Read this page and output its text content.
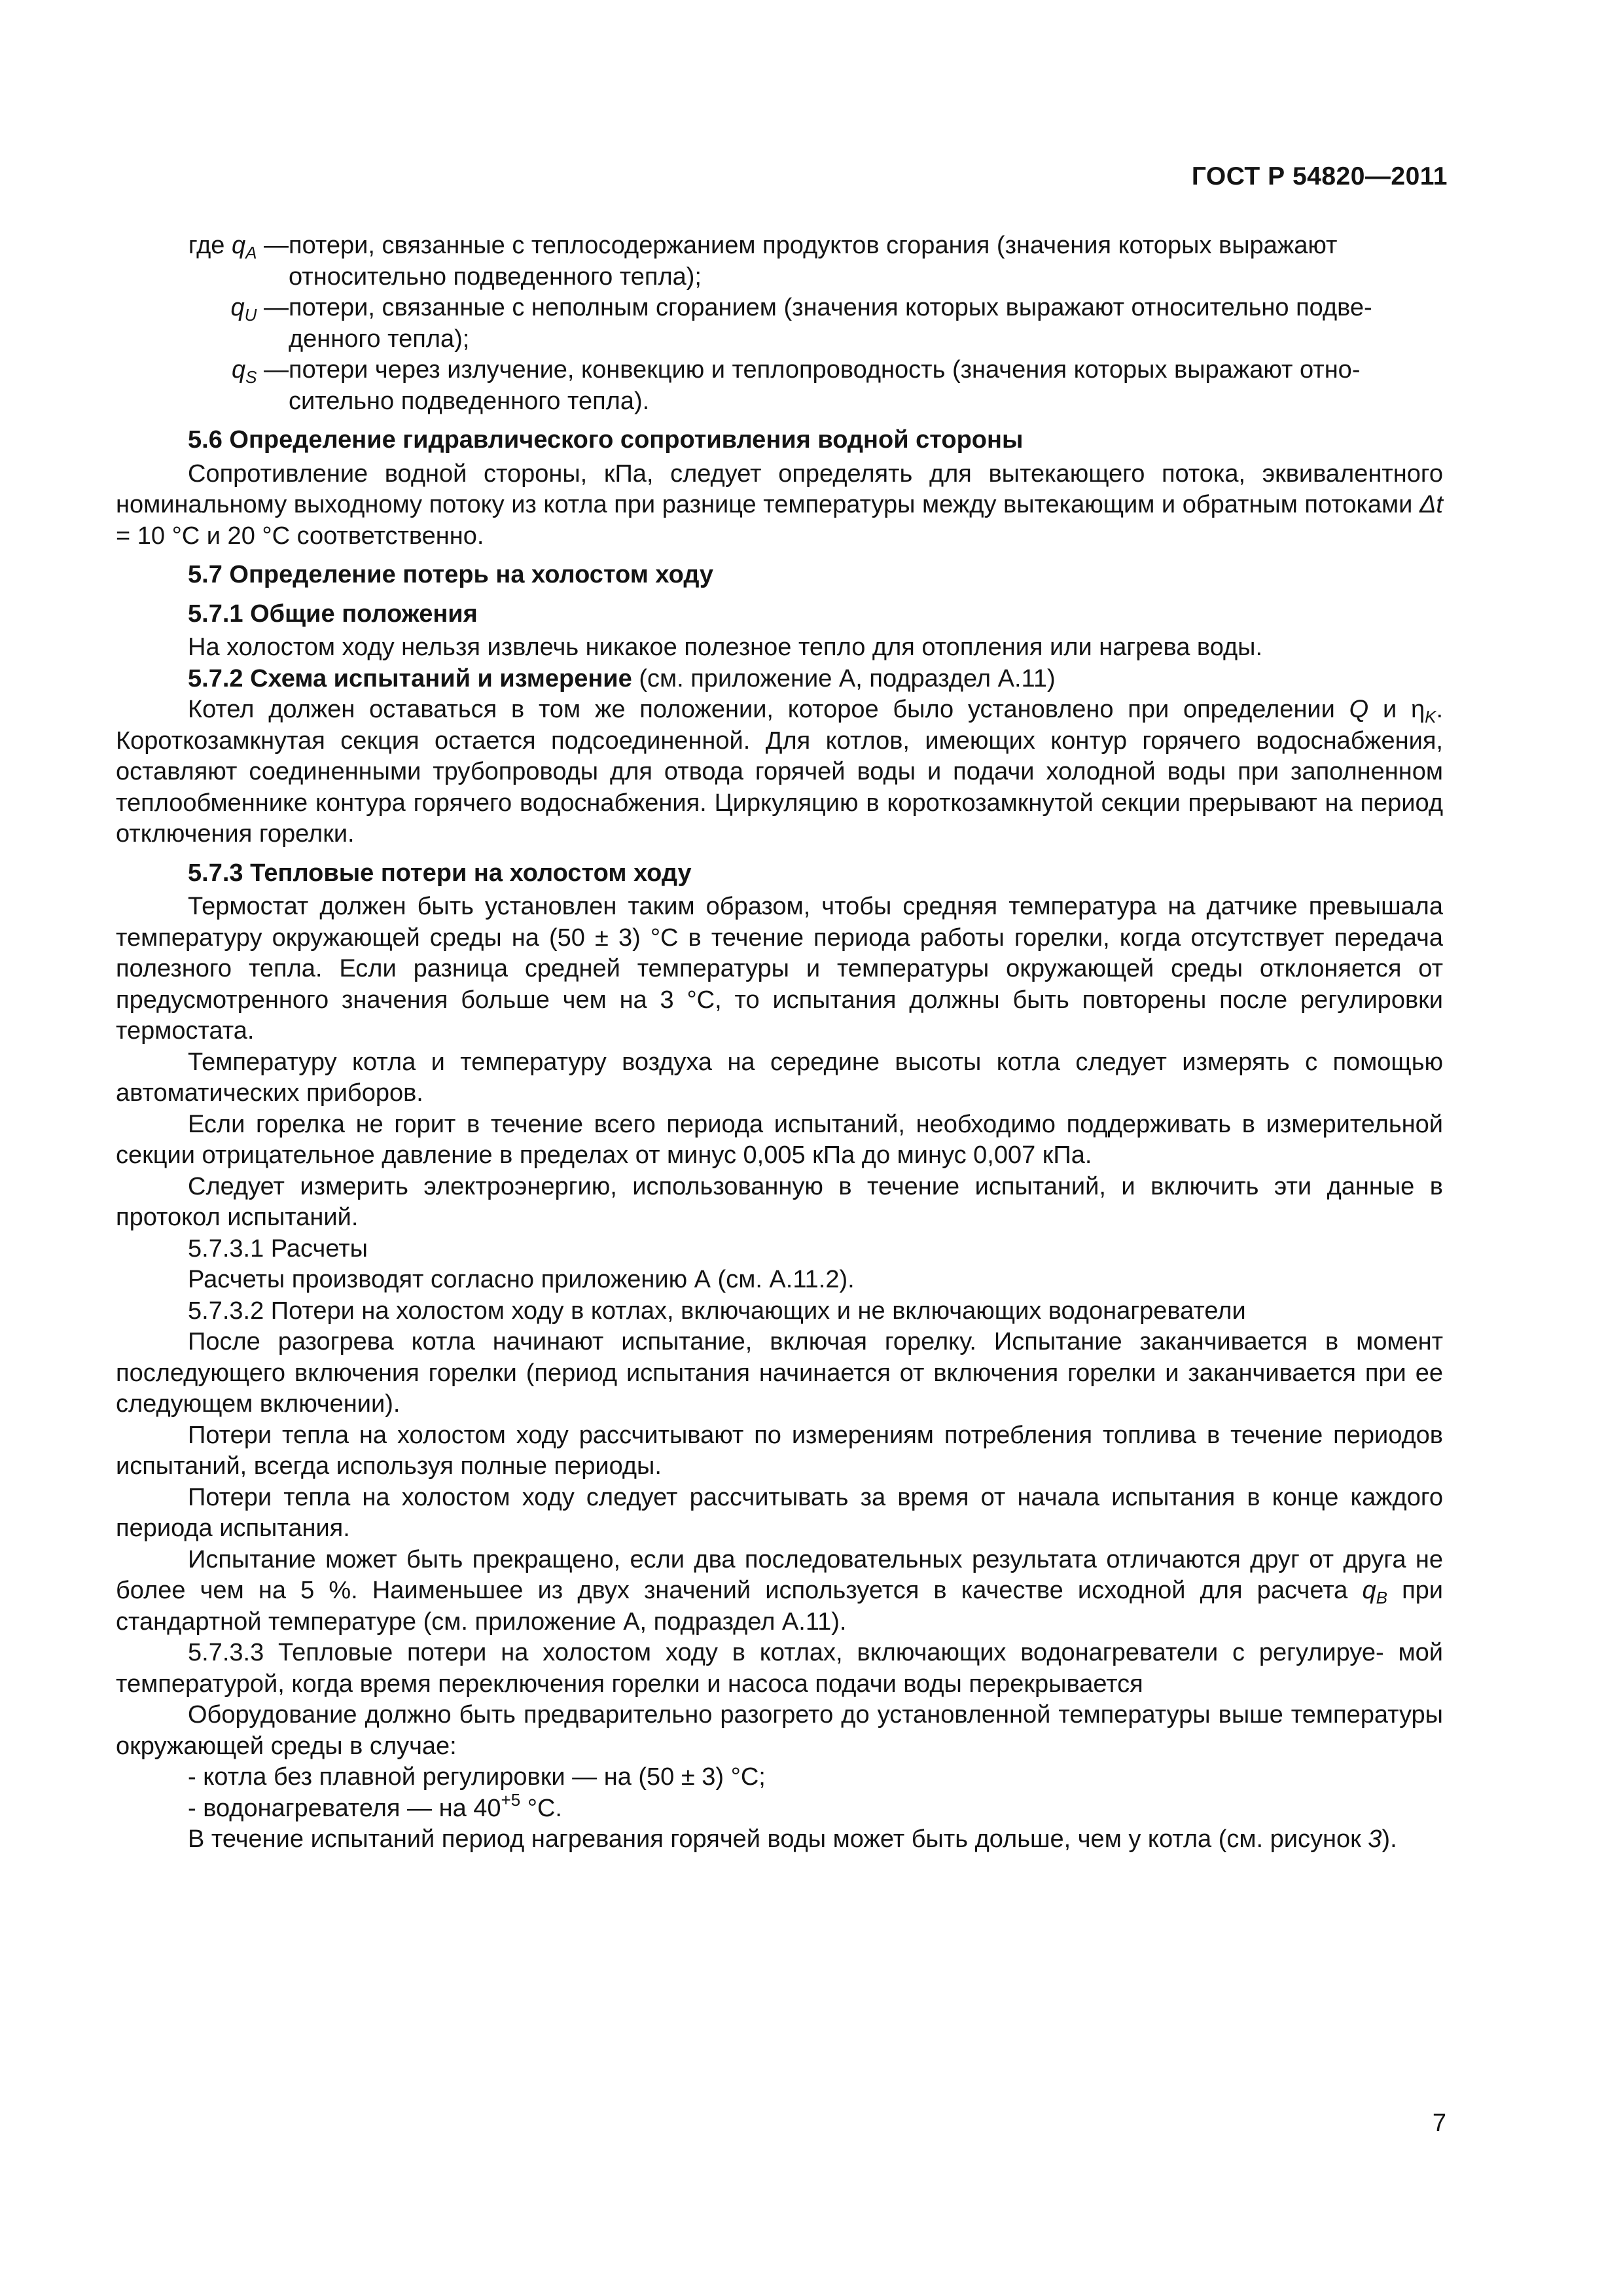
ГОСТ Р 54820—2011
где $q_A$ — потери, связанные с теплосодержанием продуктов сгорания (значения которых выражают
относительно подведенного тепла);
$q_U$ — потери, связанные с неполным сгоранием (значения которых выражают относительно подве-
денного тепла);
$q_S$ — потери через излучение, конвекцию и теплопроводность (значения которых выражают отно-
сительно подведенного тепла).

5.6 Определение гидравлического сопротивления водной стороны

Сопротивление водной стороны, кПа, следует определять для вытекающего потока, эквивалентного номинальному выходному потоку из котла при разнице температуры между вытекающим и обратным потоками Δt = 10 °C и 20 °C соответственно.

5.7 Определение потерь на холостом ходу

5.7.1 Общие положения

На холостом ходу нельзя извлечь никакое полезное тепло для отопления или нагрева воды.

5.7.2 Схема испытаний и измерение (см. приложение А, подраздел А.11)

Котел должен оставаться в том же положении, которое было установлено при определении Q и $\eta_K$. Короткозамкнутая секция остается подсоединенной. Для котлов, имеющих контур горячего водоснабжения, оставляют соединенными трубопроводы для отвода горячей воды и подачи холодной воды при заполненном теплообменнике контура горячего водоснабжения. Циркуляцию в короткозамкнутой секции прерывают на период отключения горелки.

5.7.3 Тепловые потери на холостом ходу

Термостат должен быть установлен таким образом, чтобы средняя температура на датчике превышала температуру окружающей среды на (50 ± 3) °C в течение периода работы горелки, когда отсутствует передача полезного тепла. Если разница средней температуры и температуры окружающей среды отклоняется от предусмотренного значения больше чем на 3 °C, то испытания должны быть повторены после регулировки термостата.

Температуру котла и температуру воздуха на середине высоты котла следует измерять с помощью автоматических приборов.

Если горелка не горит в течение всего периода испытаний, необходимо поддерживать в измерительной секции отрицательное давление в пределах от минус 0,005 кПа до минус 0,007 кПа.

Следует измерить электроэнергию, использованную в течение испытаний, и включить эти данные в протокол испытаний.

5.7.3.1 Расчеты

Расчеты производят согласно приложению А (см. А.11.2).

5.7.3.2 Потери на холостом ходу в котлах, включающих и не включающих водонагреватели

После разогрева котла начинают испытание, включая горелку. Испытание заканчивается в момент последующего включения горелки (период испытания начинается от включения горелки и заканчивается при ее следующем включении).

Потери тепла на холостом ходу рассчитывают по измерениям потребления топлива в течение периодов испытаний, всегда используя полные периоды.

Потери тепла на холостом ходу следует рассчитывать за время от начала испытания в конце каждого периода испытания.

Испытание может быть прекращено, если два последовательных результата отличаются друг от друга не более чем на 5 %. Наименьшее из двух значений используется в качестве исходной для расчета $q_B$ при стандартной температуре (см. приложение А, подраздел А.11).

5.7.3.3 Тепловые потери на холостом ходу в котлах, включающих водонагреватели с регулируе- мой температурой, когда время переключения горелки и насоса подачи воды перекрывается

Оборудование должно быть предварительно разогрето до установленной температуры выше температуры окружающей среды в случае:

- котла без плавной регулировки — на (50 ± 3) °C;

- водонагревателя — на $40^{+5}$ °C.

В течение испытаний период нагревания горячей воды может быть дольше, чем у котла (см. рисунок 3).

7
